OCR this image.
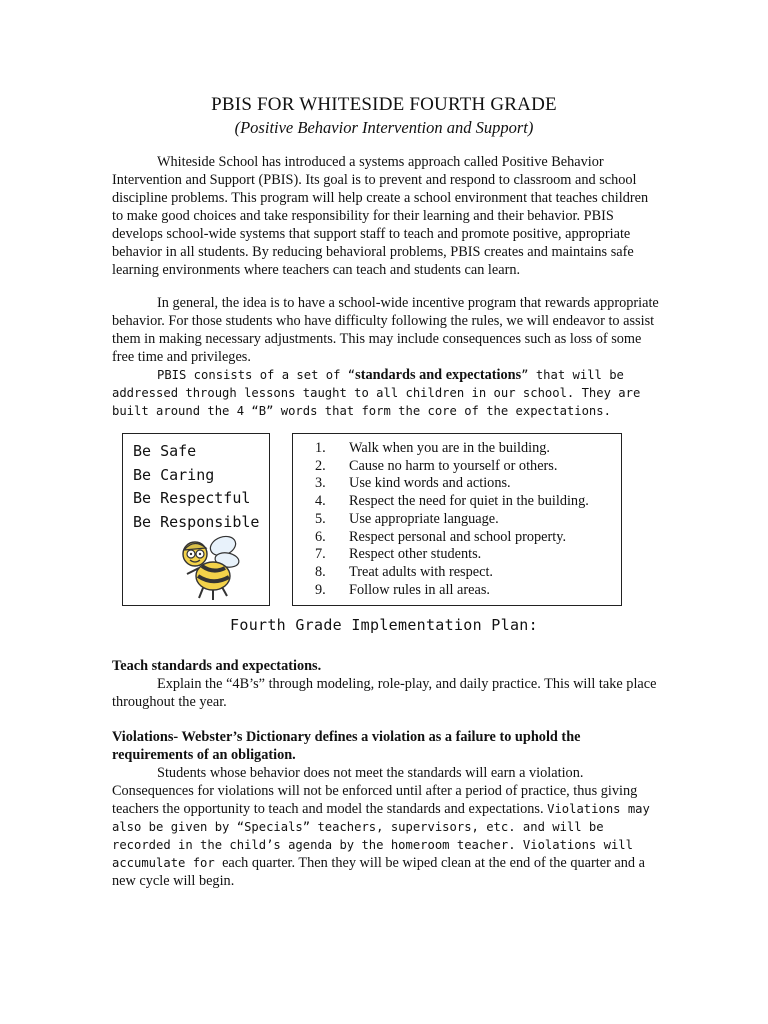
PBIS FOR WHITESIDE FOURTH GRADE
(Positive Behavior Intervention and Support)

Whiteside School has introduced a systems approach called Positive Behavior Intervention and Support (PBIS). Its goal is to prevent and respond to classroom and school discipline problems. This program will help create a school environment that teaches children to make good choices and take responsibility for their learning and their behavior. PBIS develops school-wide systems that support staff to teach and promote positive, appropriate behavior in all students. By reducing behavioral problems, PBIS creates and maintains safe learning environments where teachers can teach and students can learn.

In general, the idea is to have a school-wide incentive program that rewards appropriate behavior. For those students who have difficulty following the rules, we will endeavor to assist them in making necessary adjustments. This may include consequences such as loss of some free time and privileges.

PBIS consists of a set of “standards and expectations” that will be addressed through lessons taught to all children in our school. They are built around the 4 “B” words that form the core of the expectations.

Be Safe
Be Caring
Be Respectful
Be Responsible
1. Walk when you are in the building.
2. Cause no harm to yourself or others.
3. Use kind words and actions.
4. Respect the need for quiet in the building.
5. Use appropriate language.
6. Respect personal and school property.
7. Respect other students.
8. Treat adults with respect.
9. Follow rules in all areas.
Fourth Grade Implementation Plan:

Teach standards and expectations.

Explain the “4B’s” through modeling, role-play, and daily practice. This will take place throughout the year.

Violations- Webster’s Dictionary defines a violation as a failure to uphold the requirements of an obligation.

Students whose behavior does not meet the standards will earn a violation. Consequences for violations will not be enforced until after a period of practice, thus giving teachers the opportunity to teach and model the standards and expectations. Violations may also be given by “Specials” teachers, supervisors, etc. and will be recorded in the child’s agenda by the homeroom teacher. Violations will accumulate for each quarter. Then they will be wiped clean at the end of the quarter and a new cycle will begin.
